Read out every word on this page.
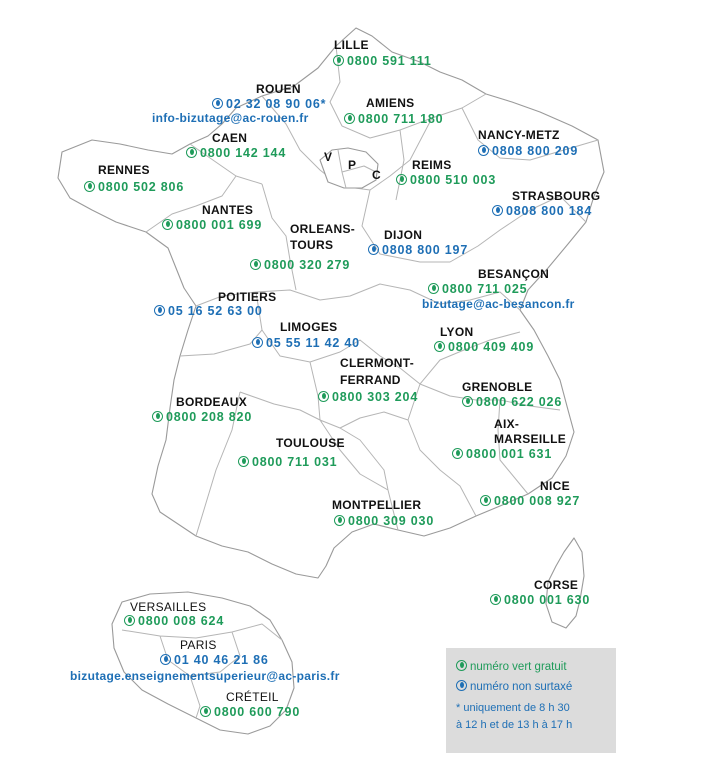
LILLE
0800 591 111
ROUEN
02 32 08 90 06*
info-bizutage@ac-rouen.fr
AMIENS
0800 711 180
CAEN
0800 142 144
NANCY-METZ
0808 800 209
V
P
C
RENNES
0800 502 806
REIMS
0800 510 003
STRASBOURG
0808 800 184
NANTES
0800 001 699 ORLEANS-
TOURS
0800 320 279
DIJON
0808 800 197
BESANÇON
0800 711 025
bizutage@ac-besancon.fr
POITIERS
05 16 52 63 00
LIMOGES
05 55 11 42 40
LYON
0800 409 409
CLERMONT-
FERRAND
0800 303 204
GRENOBLE
0800 622 026
BORDEAUX
0800 208 820	AIX-
MARSEILLE
0800 001 631
TOULOUSE
0800 711 031
NICE
0800 008 927
MONTPELLIER
0800 309 030
CORSE
0800 001 630
VERSAILLES
0800 008 624
PARIS
01 40 46 21 86
bizutage.enseignementsuperieur@ac-paris.fr
CRÉTEIL
0800 600 790
numéro vert gratuit
numéro non surtaxé
* uniquement de 8 h 30
à 12 h et de 13 h à 17 h
